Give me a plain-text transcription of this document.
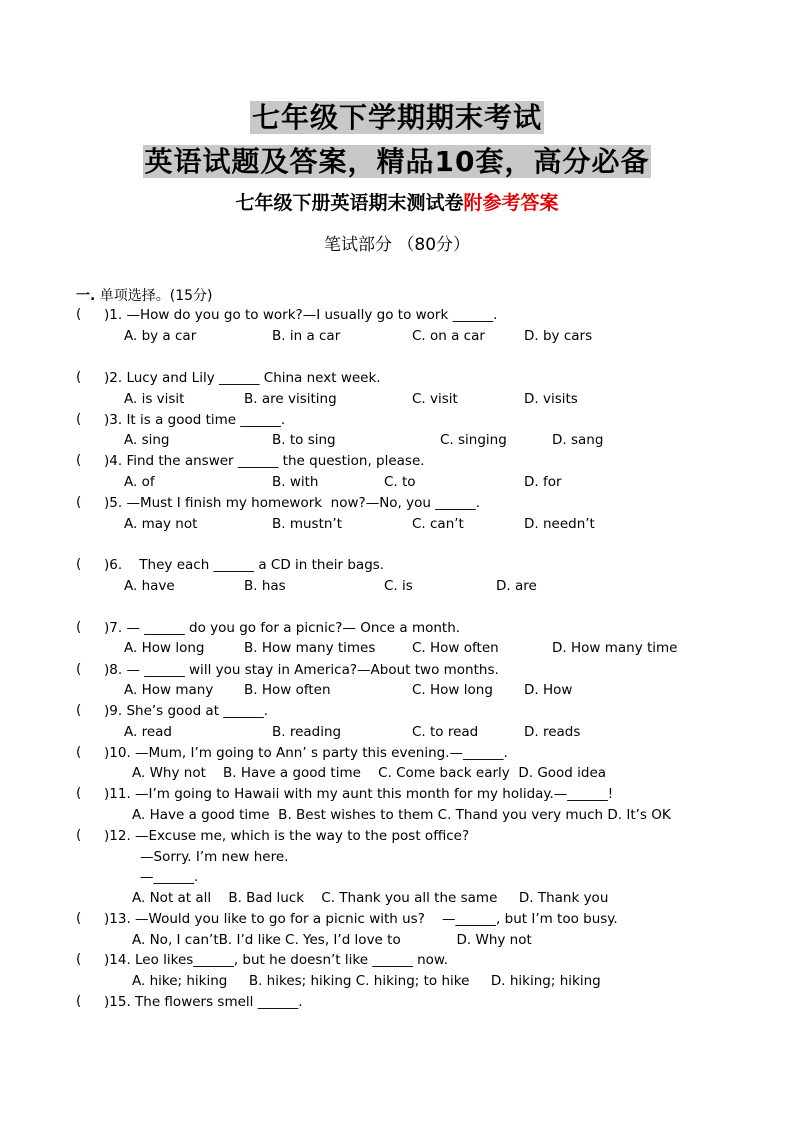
七年级下学期期末考试
英语试题及答案，精品10套，高分必备
七年级下册英语期末测试卷附参考答案
笔试部分 （80分）
一. 单项选择。(15分)
( )1. —How do you go to work?—I usually go to work ______.
A. by a car	B. in a car	C. on a car	D. by cars
( )2. Lucy and Lily ______ China next week.
A. is visit	B. are visiting	C. visit	D. visits
( )3. It is a good time ______.
A. sing	B. to sing	C. singing	D. sang
( )4. Find the answer ______ the question, please.
A. of	B. with	C. to	D. for
( )5. —Must I finish my homework  now?—No, you ______.
A. may not	B. mustn’t	C. can’t	D. needn’t
( )6.    They each ______ a CD in their bags.
A. have	B. has	C. is	D. are
( )7. — ______ do you go for a picnic?— Once a month.
A. How long	B. How many times	C. How often	D. How many time
( )8. — ______ will you stay in America?—About two months.
A. How many B. How often	C. How long D. How
( )9. She’s good at ______.
A. read	B. reading	C. to read	D. reads
( )10. —Mum, I’m going to Ann’ s party this evening.—______.
A. Why not    B. Have a good time    C. Come back early  D. Good idea
( )11. —I’m going to Hawaii with my aunt this month for my holiday.—______!
A. Have a good time  B. Best wishes to them C. Thand you very much D. It’s OK
( )12. —Excuse me, which is the way to the post office?
—Sorry. I’m new here.
—______.
A. Not at all    B. Bad luck    C. Thank you all the same     D. Thank you
( )13. —Would you like to go for a picnic with us?    —______, but I’m too busy.
A. No, I can’tB. I’d like C. Yes, I’d love to             D. Why not
( )14. Leo likes______, but he doesn’t like ______ now.
A. hike; hiking     B. hikes; hiking C. hiking; to hike     D. hiking; hiking
( )15. The flowers smell ______.
